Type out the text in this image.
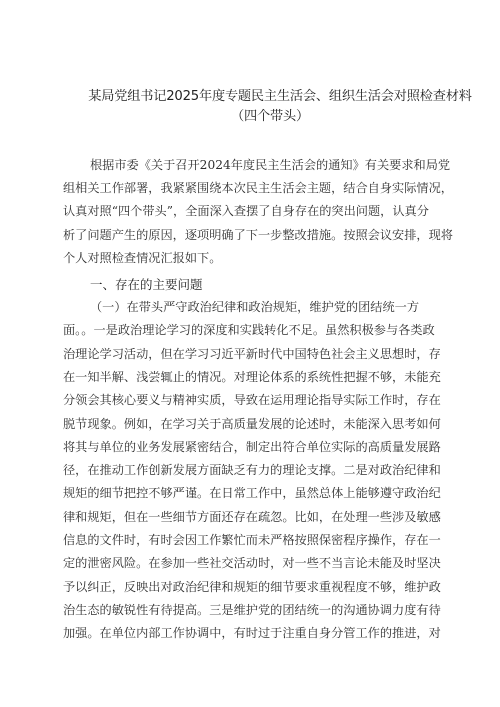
某局党组书记2025年度专题民主生活会、组织生活会对照检查材料
（四个带头）
根据市委《关于召开2024年度民主生活会的通知》有关要求和局党
组相关工作部署，我紧紧围绕本次民主生活会主题，结合自身实际情况，
认真对照“四个带头”，全面深入查摆了自身存在的突出问题，认真分
析了问题产生的原因，逐项明确了下一步整改措施。按照会议安排，现将
个人对照检查情况汇报如下。
一、存在的主要问题
（一）在带头严守政治纪律和政治规矩，维护党的团结统一方
面。。一是政治理论学习的深度和实践转化不足。虽然积极参与各类政
治理论学习活动，但在学习习近平新时代中国特色社会主义思想时，存
在一知半解、浅尝辄止的情况。对理论体系的系统性把握不够，未能充
分领会其核心要义与精神实质，导致在运用理论指导实际工作时，存在
脱节现象。例如，在学习关于高质量发展的论述时，未能深入思考如何
将其与单位的业务发展紧密结合，制定出符合单位实际的高质量发展路
径，在推动工作创新发展方面缺乏有力的理论支撑。二是对政治纪律和
规矩的细节把控不够严谨。在日常工作中，虽然总体上能够遵守政治纪
律和规矩，但在一些细节方面还存在疏忽。比如，在处理一些涉及敏感
信息的文件时，有时会因工作繁忙而未严格按照保密程序操作，存在一
定的泄密风险。在参加一些社交活动时，对一些不当言论未能及时坚决
予以纠正，反映出对政治纪律和规矩的细节要求重视程度不够，维护政
治生态的敏锐性有待提高。三是维护党的团结统一的沟通协调力度有待
加强。在单位内部工作协调中，有时过于注重自身分管工作的推进，对
